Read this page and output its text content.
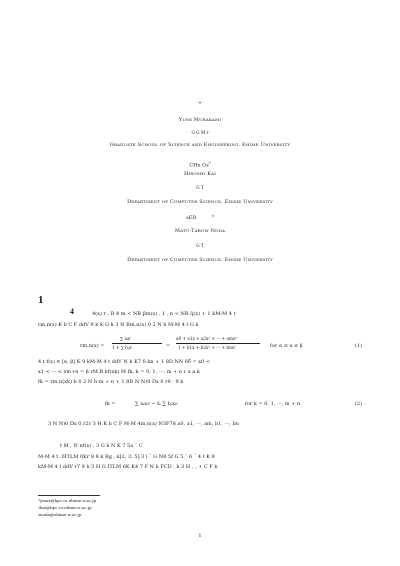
*
Yumi Murakami
G G M r
Graduate School of Science and Engineering, Ehime University
CHe Gs†
Hiroshi Kai
G T
Department of Computer Science, Ehime University
sED	‡
Matu-Tarow Noda
G T
Department of Computer Science, Ehime University
1
4	4(x) r , R 4 m < NB p̃m(x) , 1 , n < NB q̃(x) + 1 kM-M 4 t
rm,n(x) K h C F ddV 9 k K G k 3 N Rm,n(x) 0 2 N h M-M 4 t G k
rm,n(x) =
∑ aᵢxⁱ
1 + ∑ bⱼxʲ	=
a0 + a1x + a2x² + ··· + amxᵐ
1 + b1x + b2x² + ··· + bnxⁿ	for α ≤ x ≤ β	(1)
4 t f(x) ∈ [α, β] K 9 kM-M 4 t ddV N h K7 δ-kn + 1 8D NN δδ̃ = x0 <
x1 < ··· < xm+n = β rM B kf(xk) M fk, k = 0, 1, ···, m + n r a a k
fk = rm,n(xk) h 0 2 N h m + n + 1 8D N N)0 Dx 0 r9 · 9 k
fk =	∑ aᵢxₖⁱ − fₖ ∑ bⱼxₖʲ	for k = 0, 1, ···, m + n	(2)
3 N N)0 Dx 0 r2r 3 H K h C F M-M 4m,n(x) N3F78 a0, a1, ···, am, b1, ···, bn
t M , N nf(x) , 3 G k N K 7 5a ˆ C
M-M 4 t ,0ITLM 0Kr 8 8 k Bg , k[2, 3, 5] 3 l ˆ G N8 5f G 5 ˆ 6 ˆ 4 t K 9
kM-M 4 t ddV r7 9 k 3 H G ITLM 6K K4 7 F N h FCD , k 3 H , , + C F k
*ymur@hpc.cs.ehime-u.ac.jp
†kai@hpc.cs.ehime-u.ac.jp
‡noda@ehime-u.ac.jp
1
